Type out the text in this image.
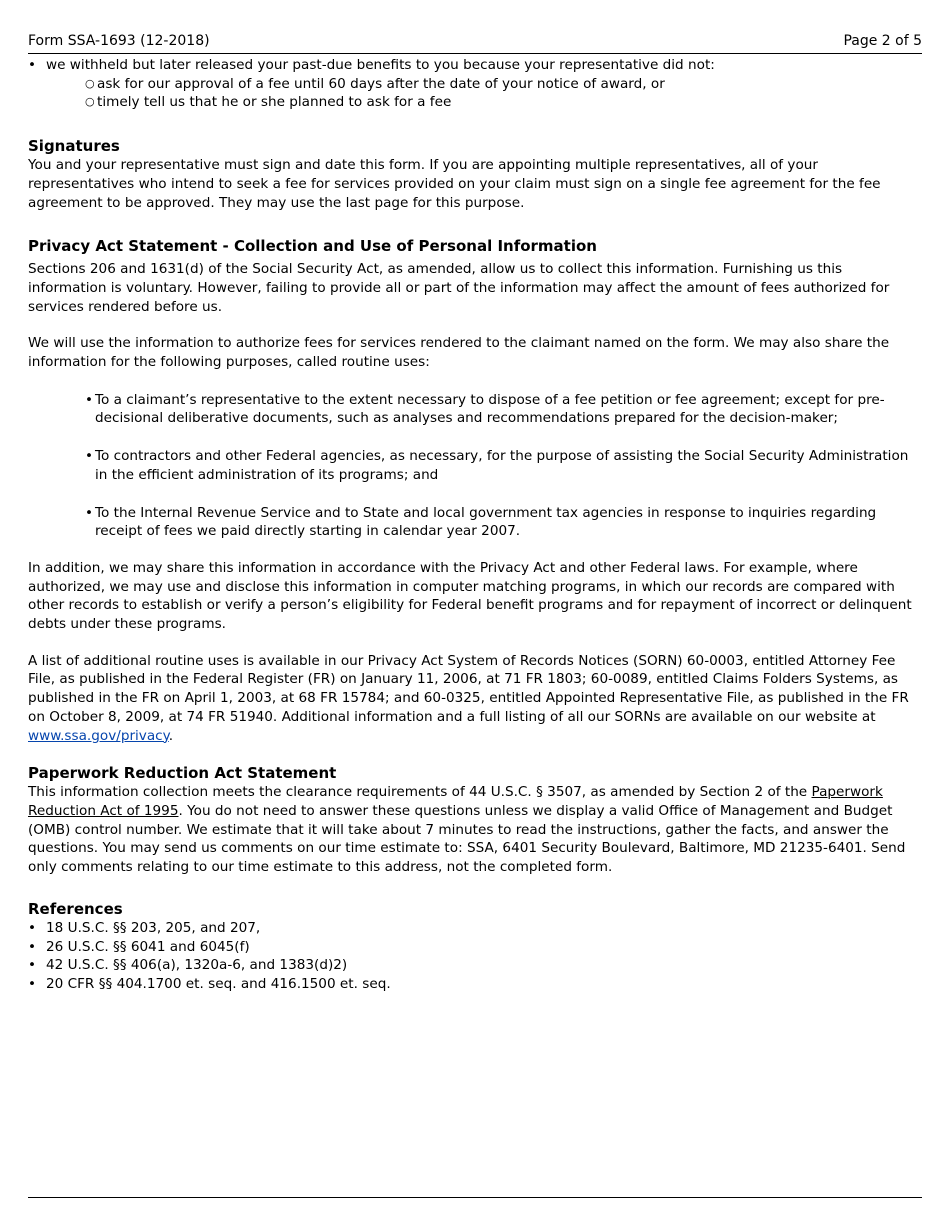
Form SSA-1693 (12-2018)	Page 2 of 5
• we withheld but later released your past-due benefits to you because your representative did not:
○ ask for our approval of a fee until 60 days after the date of your notice of award, or
○ timely tell us that he or she planned to ask for a fee
Signatures

You and your representative must sign and date this form. If you are appointing multiple representatives, all of your representatives who intend to seek a fee for services provided on your claim must sign on a single fee agreement for the fee agreement to be approved. They may use the last page for this purpose.

Privacy Act Statement - Collection and Use of Personal Information

Sections 206 and 1631(d) of the Social Security Act, as amended, allow us to collect this information. Furnishing us this information is voluntary. However, failing to provide all or part of the information may affect the amount of fees authorized for services rendered before us.

We will use the information to authorize fees for services rendered to the claimant named on the form. We may also share the information for the following purposes, called routine uses:

• To a claimant’s representative to the extent necessary to dispose of a fee petition or fee agreement; except for pre-decisional deliberative documents, such as analyses and recommendations prepared for the decision-maker;
• To contractors and other Federal agencies, as necessary, for the purpose of assisting the Social Security Administration in the efficient administration of its programs; and
• To the Internal Revenue Service and to State and local government tax agencies in response to inquiries regarding receipt of fees we paid directly starting in calendar year 2007.

In addition, we may share this information in accordance with the Privacy Act and other Federal laws. For example, where authorized, we may use and disclose this information in computer matching programs, in which our records are compared with other records to establish or verify a person’s eligibility for Federal benefit programs and for repayment of incorrect or delinquent debts under these programs.

A list of additional routine uses is available in our Privacy Act System of Records Notices (SORN) 60-0003, entitled Attorney Fee File, as published in the Federal Register (FR) on January 11, 2006, at 71 FR 1803; 60-0089, entitled Claims Folders Systems, as published in the FR on April 1, 2003, at 68 FR 15784; and 60-0325, entitled Appointed Representative File, as published in the FR on October 8, 2009, at 74 FR 51940. Additional information and a full listing of all our SORNs are available on our website at www.ssa.gov/privacy.

Paperwork Reduction Act Statement

This information collection meets the clearance requirements of 44 U.S.C. § 3507, as amended by Section 2 of the Paperwork Reduction Act of 1995. You do not need to answer these questions unless we display a valid Office of Management and Budget (OMB) control number. We estimate that it will take about 7 minutes to read the instructions, gather the facts, and answer the questions. You may send us comments on our time estimate to: SSA, 6401 Security Boulevard, Baltimore, MD 21235-6401. Send only comments relating to our time estimate to this address, not the completed form.

References
• 18 U.S.C. §§ 203, 205, and 207,
• 26 U.S.C. §§ 6041 and 6045(f)
• 42 U.S.C. §§ 406(a), 1320a-6, and 1383(d)2)
• 20 CFR §§ 404.1700 et. seq. and 416.1500 et. seq.
